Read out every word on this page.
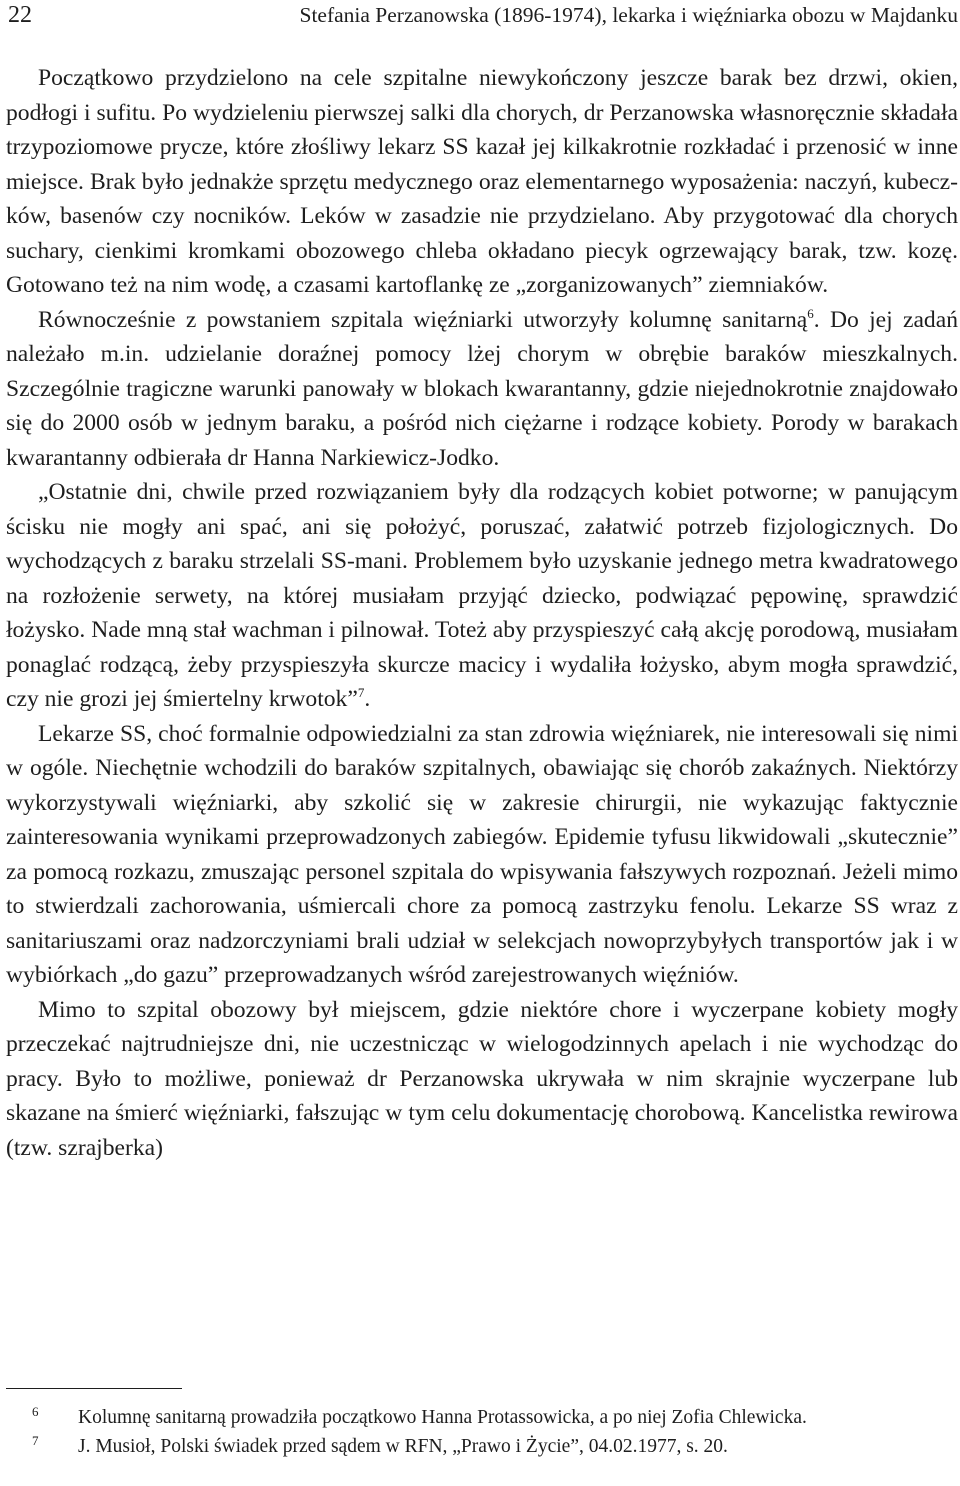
22	Stefania Perzanowska (1896-1974), lekarka i więźniarka obozu w Majdanku

Początkowo przydzielono na cele szpitalne niewykończony jeszcze barak bez drzwi, okien, podłogi i sufitu. Po wydzieleniu pierwszej salki dla chorych, dr Perzanowska własnoręcznie składała trzypoziomowe prycze, które złośliwy lekarz SS kazał jej kilkakrotnie rozkładać i przenosić w inne miejsce. Brak było jednakże sprzętu medycznego oraz elementarnego wyposażenia: naczyń, kubeczków, basenów czy nocników. Leków w zasadzie nie przydzielano. Aby przygotować dla chorych suchary, cienkimi kromkami obozowego chleba okładano piecyk ogrzewający barak, tzw. kozę. Gotowano też na nim wodę, a czasami kartoflankę ze „zorganizowanych” ziemniaków.

Równocześnie z powstaniem szpitala więźniarki utworzyły kolumnę sanitarną$^6$. Do jej zadań należało m.in. udzielanie doraźnej pomocy lżej chorym w obrębie baraków mieszkalnych. Szczególnie tragiczne warunki panowały w blokach kwarantanny, gdzie niejednokrotnie znajdowało się do 2000 osób w jednym baraku, a pośród nich ciężarne i rodzące kobiety. Porody w barakach kwarantanny odbierała dr Hanna Narkiewicz-Jodko.

„Ostatnie dni, chwile przed rozwiązaniem były dla rodzących kobiet potworne; w panującym ścisku nie mogły ani spać, ani się położyć, poruszać, załatwić potrzeb fizjologicznych. Do wychodzących z baraku strzelali SS-mani. Problemem było uzyskanie jednego metra kwadratowego na rozłożenie serwety, na której musiałam przyjąć dziecko, podwiązać pępowinę, sprawdzić łożysko. Nade mną stał wachman i pilnował. Toteż aby przyspieszyć całą akcję porodową, musiałam ponaglać rodzącą, żeby przyspieszyła skurcze macicy i wydaliła łożysko, abym mogła sprawdzić, czy nie grozi jej śmiertelny krwotok”$^7$.

Lekarze SS, choć formalnie odpowiedzialni za stan zdrowia więźniarek, nie interesowali się nimi w ogóle. Niechętnie wchodzili do baraków szpitalnych, obawiając się chorób zakaźnych. Niektórzy wykorzystywali więźniarki, aby szkolić się w zakresie chirurgii, nie wykazując faktycznie zainteresowania wynikami przeprowadzonych zabiegów. Epidemie tyfusu likwidowali „skutecznie” za pomocą rozkazu, zmuszając personel szpitala do wpisywania fałszywych rozpoznań. Jeżeli mimo to stwierdzali zachorowania, uśmiercali chore za pomocą zastrzyku fenolu. Lekarze SS wraz z sanitariuszami oraz nadzorczyniami brali udział w selekcjach nowoprzybyłych transportów jak i w wybiórkach „do gazu” przeprowadzanych wśród zarejestrowanych więźniów.

Mimo to szpital obozowy był miejscem, gdzie niektóre chore i wyczerpane kobiety mogły przeczekać najtrudniejsze dni, nie uczestnicząc w wielogodzinnych apelach i nie wychodząc do pracy. Było to możliwe, ponieważ dr Perzanowska ukrywała w nim skrajnie wyczerpane lub skazane na śmierć więźniarki, fałszując w tym celu dokumentację chorobową. Kancelistka rewirowa (tzw. szrajberka)

6 Kolumnę sanitarną prowadziła początkowo Hanna Protassowicka, a po niej Zofia Chlewicka.

7 J. Musioł, Polski świadek przed sądem w RFN, „Prawo i Życie”, 04.02.1977, s. 20.
